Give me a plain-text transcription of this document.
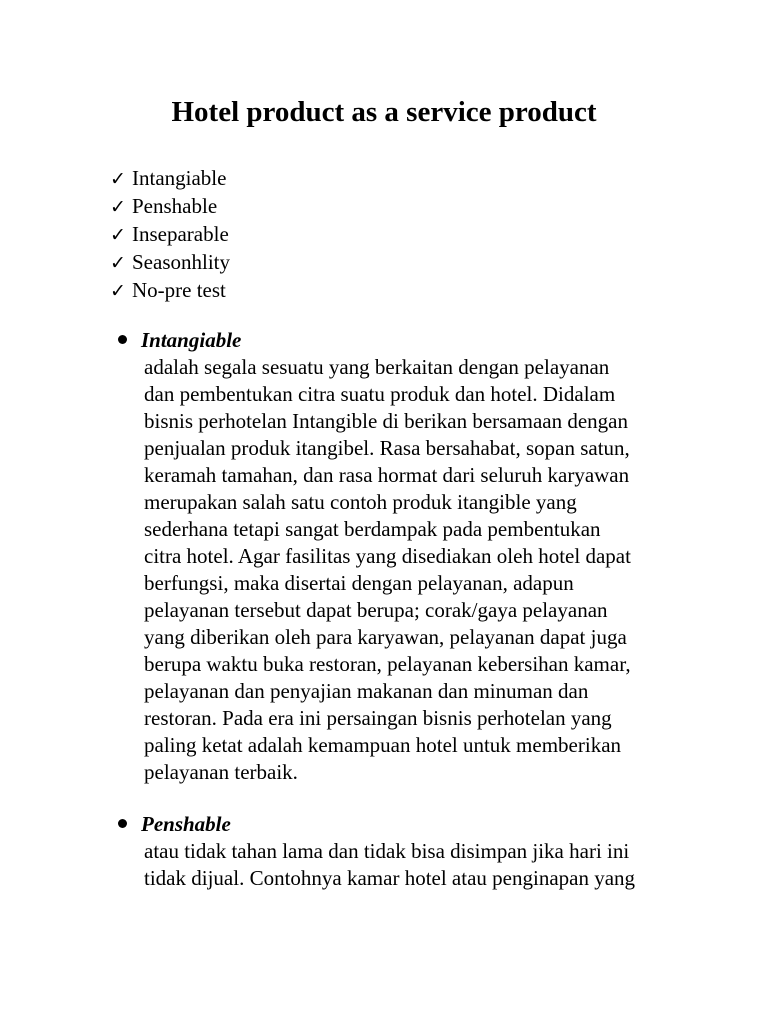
Hotel product as a service product
✓ Intangiable
✓ Penshable
✓ Inseparable
✓ Seasonhlity
✓ No-pre test
Intangiable

adalah segala sesuatu yang berkaitan dengan pelayanan
dan pembentukan citra suatu produk dan hotel. Didalam
bisnis perhotelan Intangible di berikan bersamaan dengan
penjualan produk itangibel. Rasa bersahabat, sopan satun,
keramah tamahan, dan rasa hormat dari seluruh karyawan
merupakan salah satu contoh produk itangible yang
sederhana tetapi sangat berdampak pada pembentukan
citra hotel. Agar fasilitas yang disediakan oleh hotel dapat
berfungsi, maka disertai dengan pelayanan, adapun
pelayanan tersebut dapat berupa; corak/gaya pelayanan
yang diberikan oleh para karyawan, pelayanan dapat juga
berupa waktu buka restoran, pelayanan kebersihan kamar,
pelayanan dan penyajian makanan dan minuman dan
restoran. Pada era ini persaingan bisnis perhotelan yang
paling ketat adalah kemampuan hotel untuk memberikan
pelayanan terbaik.

Penshable

atau tidak tahan lama dan tidak bisa disimpan jika hari ini
tidak dijual. Contohnya kamar hotel atau penginapan yang
